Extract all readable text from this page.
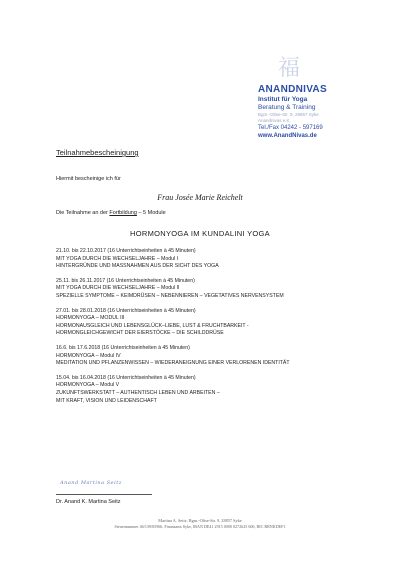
福
ANANDNIVAS
Institut für Yoga
Beratung & Training
Bgm.-Oltse-Str. 9, 28857 Syke
Anandnivas e.K.
Tel./Fax 04242 - 597169
www.AnandNivas.de
Teilnahmebescheinigung
Hiermit bescheinige ich für
Frau Josée Marie Reichelt
Die Teilnahme an der Fortbildung – 5 Module
HORMONYOGA IM KUNDALINI YOGA
21.10. bis 22.10.2017 (16 Unterrichtseinheiten à 45 Minuten)
MIT YOGA DURCH DIE WECHSELJAHRE – Modul I
HINTERGRÜNDE UND MASSNAHMEN AUS DER SICHT DES YOGA
25.11. bis 26.11.2017 (16 Unterrichtseinheiten à 45 Minuten)
MIT YOGA DURCH DIE WECHSELJAHRE – Modul II
SPEZIELLE SYMPTOME – KEIMDRÜSEN – NEBENNIEREN – VEGETATIVES NERVENSYSTEM
27.01. bis 28.01.2018 (16 Unterrichtseinheiten à 45 Minuten)
HORMONYOGA – MODUL III
HORMONAUSGLEICH UND LEBENSGLÜCK–LIEBE, LUST & FRUCHTBARKEIT -
HORMONGLEICHGEWICHT DER EIERSTÖCKE – DIE SCHILDDRÜSE
16.6. bis 17.6.2018 (16 Unterrichtseinheiten à 45 Minuten)
HORMONYOGA – Modul IV
MEDITATION UND PFLANZENWISSEN – WIEDERANEIGNUNG EINER VERLORENEN IDENTITÄT
15.04. bis 16.04.2018 (16 Unterrichtseinheiten à 45 Minuten)
HORMONYOGA – Modul V
ZUKUNFTSWERKSTATT – AUTHENTISCH LEBEN UND ARBEITEN –
MIT KRAFT, VISION UND LEIDENSCHAFT
Anand Martina Seitz
Dr. Anand K. Martina Seitz
Martina A. Seitz, Bgm.-Oltse-Str. 9, 28857 Syke
Steuernummer 46/139/05966, Finanzamt Syke, IBAN DE41 2915 0000 0272625 606, BIC BRNKDEF1
